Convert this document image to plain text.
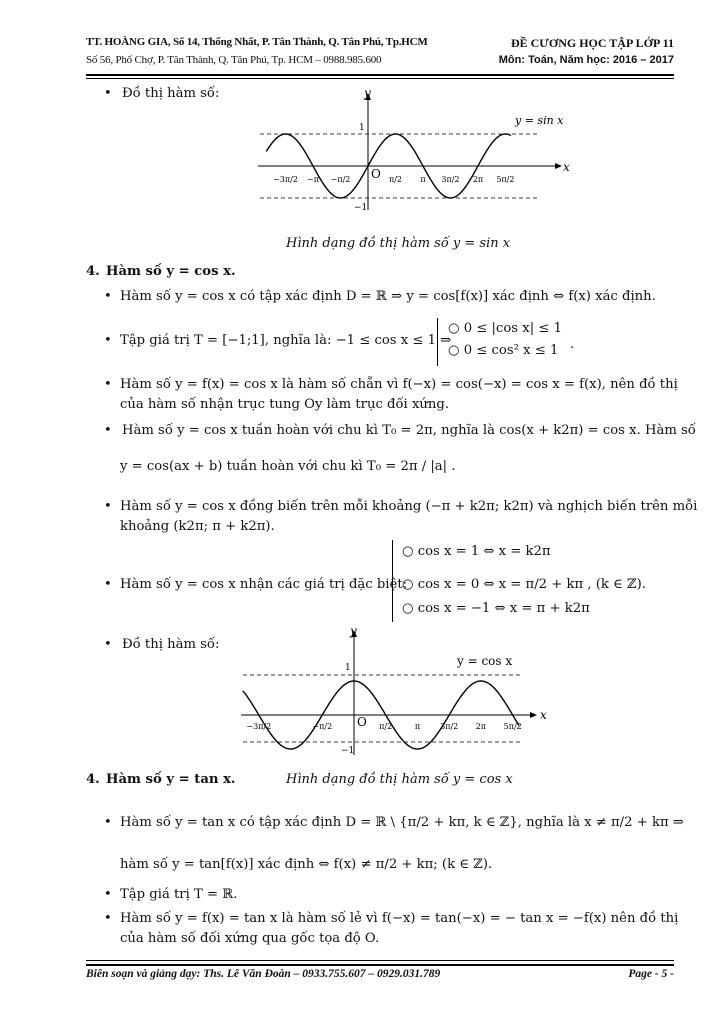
TT. HOÀNG GIA, Số 14, Thống Nhất, P. Tân Thành, Q. Tân Phú, Tp.HCM
Số 56, Phố Chợ, P. Tân Thành, Q. Tân Phú, Tp. HCM – 0988.985.600
ĐỀ CƯƠNG HỌC TẬP LỚP 11
Môn: Toán, Năm học: 2016 – 2017
• Đồ thị hàm số:
x
y
O
1
−1
y = sin x
−3π/2 −π −π/2	π/2 π 3π/2 2π 5π/2
Hình dạng đồ thị hàm số y = sin x
4. Hàm số y = cos x.
• Hàm số y = cos x có tập xác định D = ℝ ⇒ y = cos[f(x)] xác định ⇔ f(x) xác định.
• Tập giá trị T = [−1;1], nghĩa là: −1 ≤ cos x ≤ 1 ⇒
○ 0 ≤ |cos x| ≤ 1
○ 0 ≤ cos² x ≤ 1 .
• Hàm số y = f(x) = cos x là hàm số chẵn vì f(−x) = cos(−x) = cos x = f(x), nên đồ thị
của hàm số nhận trục tung Oy làm trục đối xứng.
• Hàm số y = cos x tuần hoàn với chu kì T₀ = 2π, nghĩa là cos(x + k2π) = cos x. Hàm số
y = cos(ax + b) tuần hoàn với chu kì T₀ = 2π / |a| .
• Hàm số y = cos x đồng biến trên mỗi khoảng (−π + k2π; k2π) và nghịch biến trên mỗi
khoảng (k2π; π + k2π).
• Hàm số y = cos x nhận các giá trị đặc biệt:
○ cos x = 1 ⇔ x = k2π
○ cos x = 0 ⇔ x = π/2 + kπ , (k ∈ ℤ).
○ cos x = −1 ⇔ x = π + k2π
• Đồ thị hàm số:
x
y
O
1
−1
y = cos x
−3π/2	−π/2	π/2	π 3π/2 2π 5π/2
4. Hàm số y = tan x.	Hình dạng đồ thị hàm số y = cos x
• Hàm số y = tan x có tập xác định D = ℝ \ {π/2 + kπ, k ∈ ℤ}, nghĩa là x ≠ π/2 + kπ ⇒
hàm số y = tan[f(x)] xác định ⇔ f(x) ≠ π/2 + kπ; (k ∈ ℤ).
• Tập giá trị T = ℝ.
• Hàm số y = f(x) = tan x là hàm số lẻ vì f(−x) = tan(−x) = − tan x = −f(x) nên đồ thị
của hàm số đối xứng qua gốc tọa độ O.
Biên soạn và giảng dạy: Ths. Lê Văn Đoàn – 0933.755.607 – 0929.031.789	Page - 5 -
